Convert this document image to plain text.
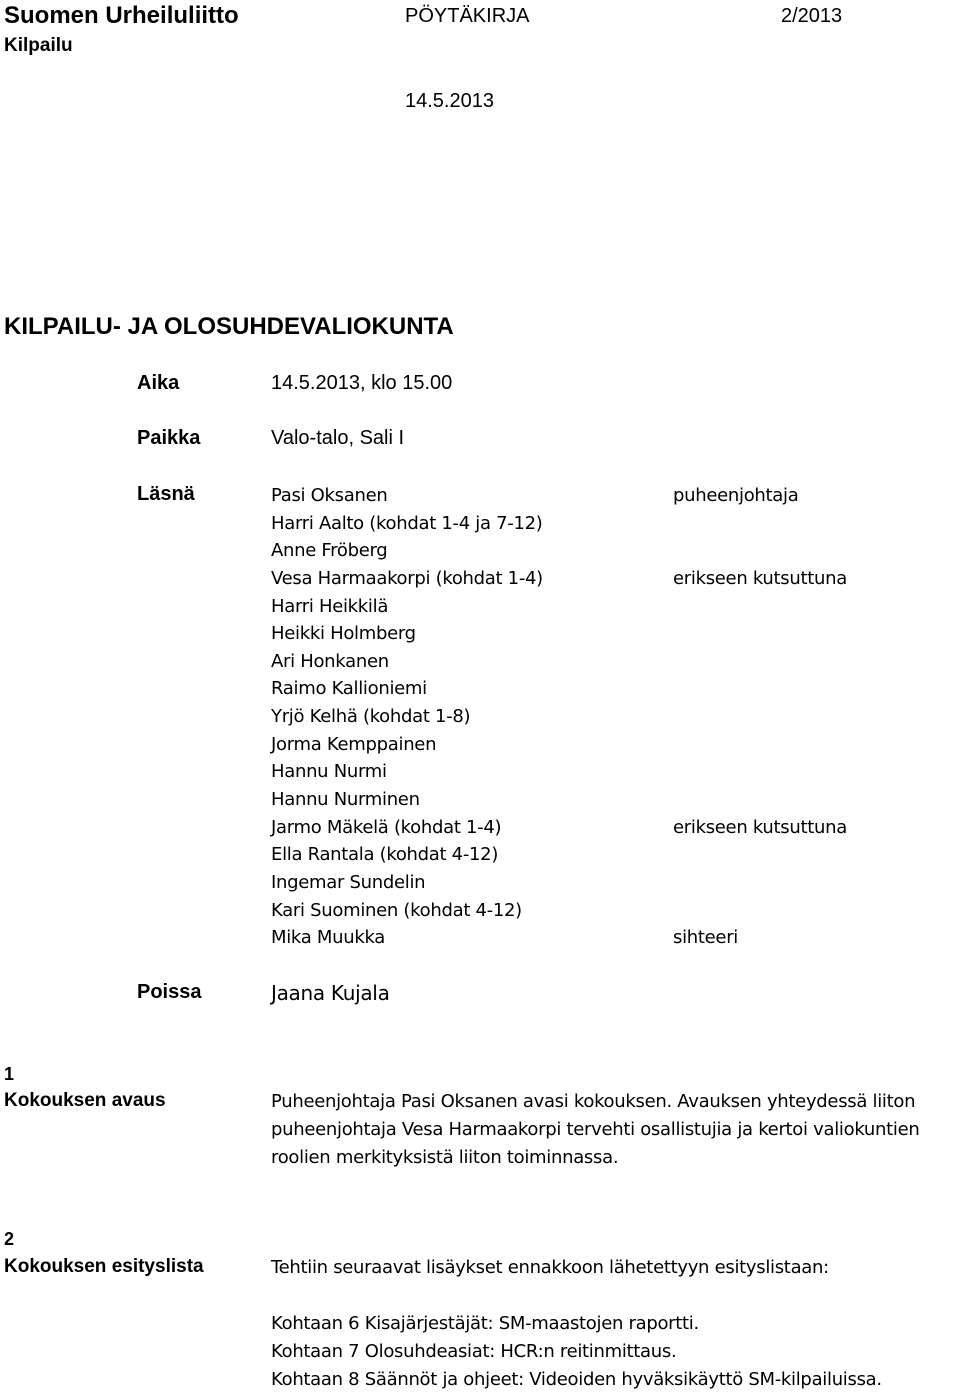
Suomen Urheiluliitto	PÖYTÄKIRJA	2/2013
Kilpailu
14.5.2013
KILPAILU- JA OLOSUHDEVALIOKUNTA
Aika	14.5.2013, klo 15.00
Paikka	Valo-talo, Sali I
Läsnä	Pasi Oksanen	puheenjohtaja
Harri Aalto (kohdat 1-4 ja 7-12)
Anne Fröberg
Vesa Harmaakorpi (kohdat 1-4)	erikseen kutsuttuna
Harri Heikkilä
Heikki Holmberg
Ari Honkanen
Raimo Kallioniemi
Yrjö Kelhä (kohdat 1-8)
Jorma Kemppainen
Hannu Nurmi
Hannu Nurminen
Jarmo Mäkelä (kohdat 1-4)	erikseen kutsuttuna
Ella Rantala (kohdat 4-12)
Ingemar Sundelin
Kari Suominen (kohdat 4-12)
Mika Muukka	sihteeri
Poissa	Jaana Kujala
1
Kokouksen avaus	Puheenjohtaja Pasi Oksanen avasi kokouksen. Avauksen yhteydessä liiton

puheenjohtaja Vesa Harmaakorpi tervehti osallistujia ja kertoi valiokuntien

roolien merkityksistä liiton toiminnassa.

2
Kokouksen esityslista	Tehtiin seuraavat lisäykset ennakkoon lähetettyyn esityslistaan:

Kohtaan 6 Kisajärjestäjät: SM-maastojen raportti.

Kohtaan 7 Olosuhdeasiat: HCR:n reitinmittaus.

Kohtaan 8 Säännöt ja ohjeet: Videoiden hyväksikäyttö SM-kilpailuissa.
